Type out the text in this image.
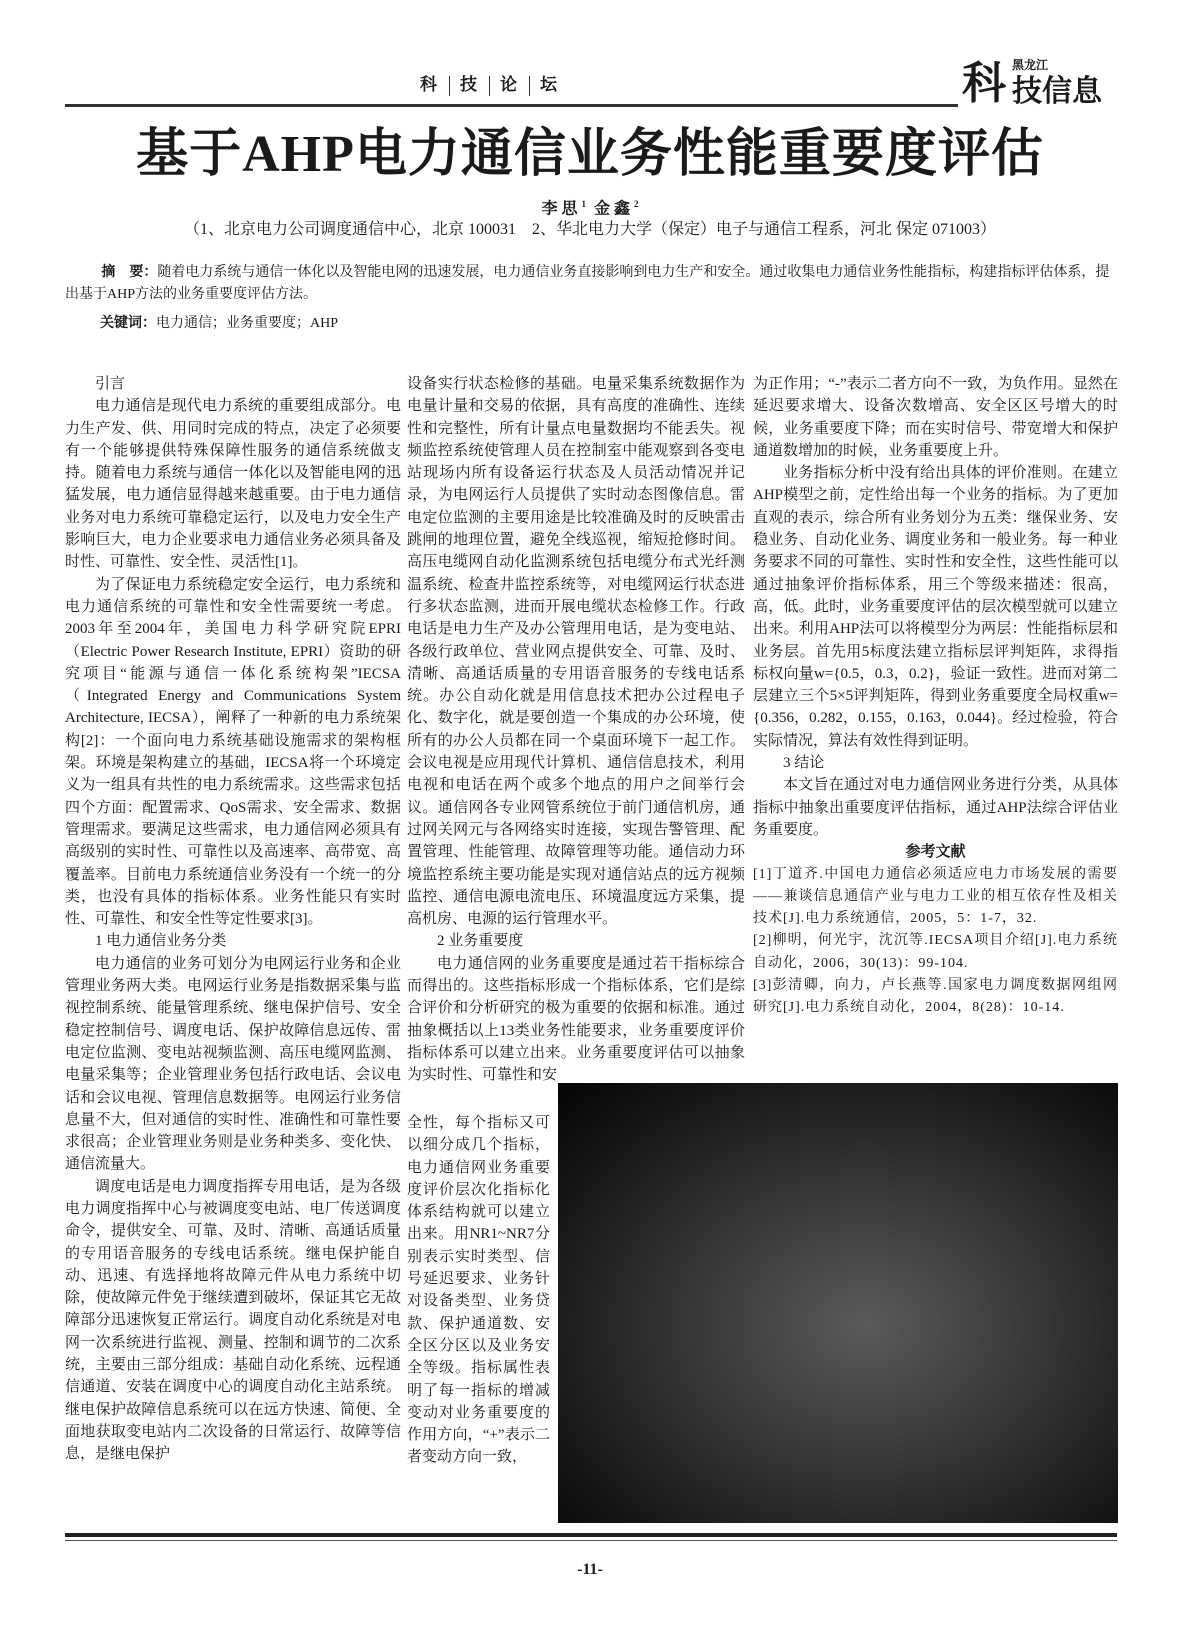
科 技 论 坛	科 黑龙江
技信息
基于AHP电力通信业务性能重要度评估
李思$^1$ 金鑫$^2$
（1、北京电力公司调度通信中心，北京 100031　2、华北电力大学（保定）电子与通信工程系，河北 保定 071003）
摘　要：随着电力系统与通信一体化以及智能电网的迅速发展，电力通信业务直接影响到电力生产和安全。通过收集电力通信业务性能指标，构建指标评估体系，提出基于AHP方法的业务重要度评估方法。
关键词：电力通信；业务重要度；AHP

引言

电力通信是现代电力系统的重要组成部分。电力生产发、供、用同时完成的特点，决定了必须要有一个能够提供特殊保障性服务的通信系统做支持。随着电力系统与通信一体化以及智能电网的迅猛发展，电力通信显得越来越重要。由于电力通信业务对电力系统可靠稳定运行，以及电力安全生产影响巨大，电力企业要求电力通信业务必须具备及时性、可靠性、安全性、灵活性[1]。

为了保证电力系统稳定安全运行，电力系统和电力通信系统的可靠性和安全性需要统一考虑。2003年至2004年，美国电力科学研究院EPRI（Electric Power Research Institute, EPRI）资助的研究项目“能源与通信一体化系统构架”IECSA（Integrated Energy and Communications System Architecture, IECSA），阐释了一种新的电力系统架构[2]：一个面向电力系统基础设施需求的架构框架。环境是架构建立的基础，IECSA将一个环境定义为一组具有共性的电力系统需求。这些需求包括四个方面：配置需求、QoS需求、安全需求、数据管理需求。要满足这些需求，电力通信网必须具有高级别的实时性、可靠性以及高速率、高带宽、高覆盖率。目前电力系统通信业务没有一个统一的分类，也没有具体的指标体系。业务性能只有实时性、可靠性、和安全性等定性要求[3]。

1 电力通信业务分类

电力通信的业务可划分为电网运行业务和企业管理业务两大类。电网运行业务是指数据采集与监视控制系统、能量管理系统、继电保护信号、安全稳定控制信号、调度电话、保护故障信息远传、雷电定位监测、变电站视频监测、高压电缆网监测、电量采集等；企业管理业务包括行政电话、会议电话和会议电视、管理信息数据等。电网运行业务信息量不大，但对通信的实时性、准确性和可靠性要求很高；企业管理业务则是业务种类多、变化快、通信流量大。

调度电话是电力调度指挥专用电话，是为各级电力调度指挥中心与被调度变电站、电厂传送调度命令，提供安全、可靠、及时、清晰、高通话质量的专用语音服务的专线电话系统。继电保护能自动、迅速、有选择地将故障元件从电力系统中切除，使故障元件免于继续遭到破坏，保证其它无故障部分迅速恢复正常运行。调度自动化系统是对电网一次系统进行监视、测量、控制和调节的二次系统，主要由三部分组成：基础自动化系统、远程通信通道、安装在调度中心的调度自动化主站系统。继电保护故障信息系统可以在远方快速、简便、全面地获取变电站内二次设备的日常运行、故障等信息，是继电保护

设备实行状态检修的基础。电量采集系统数据作为电量计量和交易的依据，具有高度的准确性、连续性和完整性，所有计量点电量数据均不能丢失。视频监控系统使管理人员在控制室中能观察到各变电站现场内所有设备运行状态及人员活动情况并记录，为电网运行人员提供了实时动态图像信息。雷电定位监测的主要用途是比较准确及时的反映雷击跳闸的地理位置，避免全线巡视，缩短抢修时间。高压电缆网自动化监测系统包括电缆分布式光纤测温系统、检查井监控系统等，对电缆网运行状态进行多状态监测，进而开展电缆状态检修工作。行政电话是电力生产及办公管理用电话，是为变电站、各级行政单位、营业网点提供安全、可靠、及时、清晰、高通话质量的专用语音服务的专线电话系统。办公自动化就是用信息技术把办公过程电子化、数字化，就是要创造一个集成的办公环境，使所有的办公人员都在同一个桌面环境下一起工作。会议电视是应用现代计算机、通信信息技术，利用电视和电话在两个或多个地点的用户之间举行会议。通信网各专业网管系统位于前门通信机房，通过网关网元与各网络实时连接，实现告警管理、配置管理、性能管理、故障管理等功能。通信动力环境监控系统主要功能是实现对通信站点的远方视频监控、通信电源电流电压、环境温度远方采集，提高机房、电源的运行管理水平。

2 业务重要度

电力通信网的业务重要度是通过若干指标综合而得出的。这些指标形成一个指标体系，它们是综合评价和分析研究的极为重要的依据和标准。通过抽象概括以上13类业务性能要求，业务重要度评价指标体系可以建立出来。业务重要度评估可以抽象为实时性、可靠性和安

全性，每个指标又可以细分成几个指标，电力通信网业务重要度评价层次化指标化体系结构就可以建立出来。用NR1~NR7分别表示实时类型、信号延迟要求、业务针对设备类型、业务贷款、保护通道数、安全区分区以及业务安全等级。指标属性表明了每一指标的增减变动对业务重要度的作用方向，“+”表示二者变动方向一致，

为正作用；“-”表示二者方向不一致，为负作用。显然在延迟要求增大、设备次数增高、安全区区号增大的时候，业务重要度下降；而在实时信号、带宽增大和保护通道数增加的时候，业务重要度上升。

业务指标分析中没有给出具体的评价准则。在建立AHP模型之前，定性给出每一个业务的指标。为了更加直观的表示，综合所有业务划分为五类：继保业务、安稳业务、自动化业务、调度业务和一般业务。每一种业务要求不同的可靠性、实时性和安全性，这些性能可以通过抽象评价指标体系，用三个等级来描述：很高，高，低。此时，业务重要度评估的层次模型就可以建立出来。利用AHP法可以将模型分为两层：性能指标层和业务层。首先用5标度法建立指标层评判矩阵，求得指标权向量w={0.5，0.3，0.2}，验证一致性。进而对第二层建立三个5×5评判矩阵，得到业务重要度全局权重w={0.356，0.282，0.155，0.163，0.044}。经过检验，符合实际情况，算法有效性得到证明。

3 结论

本文旨在通过对电力通信网业务进行分类，从具体指标中抽象出重要度评估指标，通过AHP法综合评估业务重要度。

参考文献

[1]丁道齐.中国电力通信必须适应电力市场发展的需要——兼谈信息通信产业与电力工业的相互依存性及相关技术[J].电力系统通信，2005，5：1-7，32.

[2]柳明，何光宇，沈沉等.IECSA项目介绍[J].电力系统自动化，2006，30(13)：99-104.

[3]彭清卿，向力，卢长燕等.国家电力调度数据网组网研究[J].电力系统自动化，2004，8(28)：10-14.

-11-
